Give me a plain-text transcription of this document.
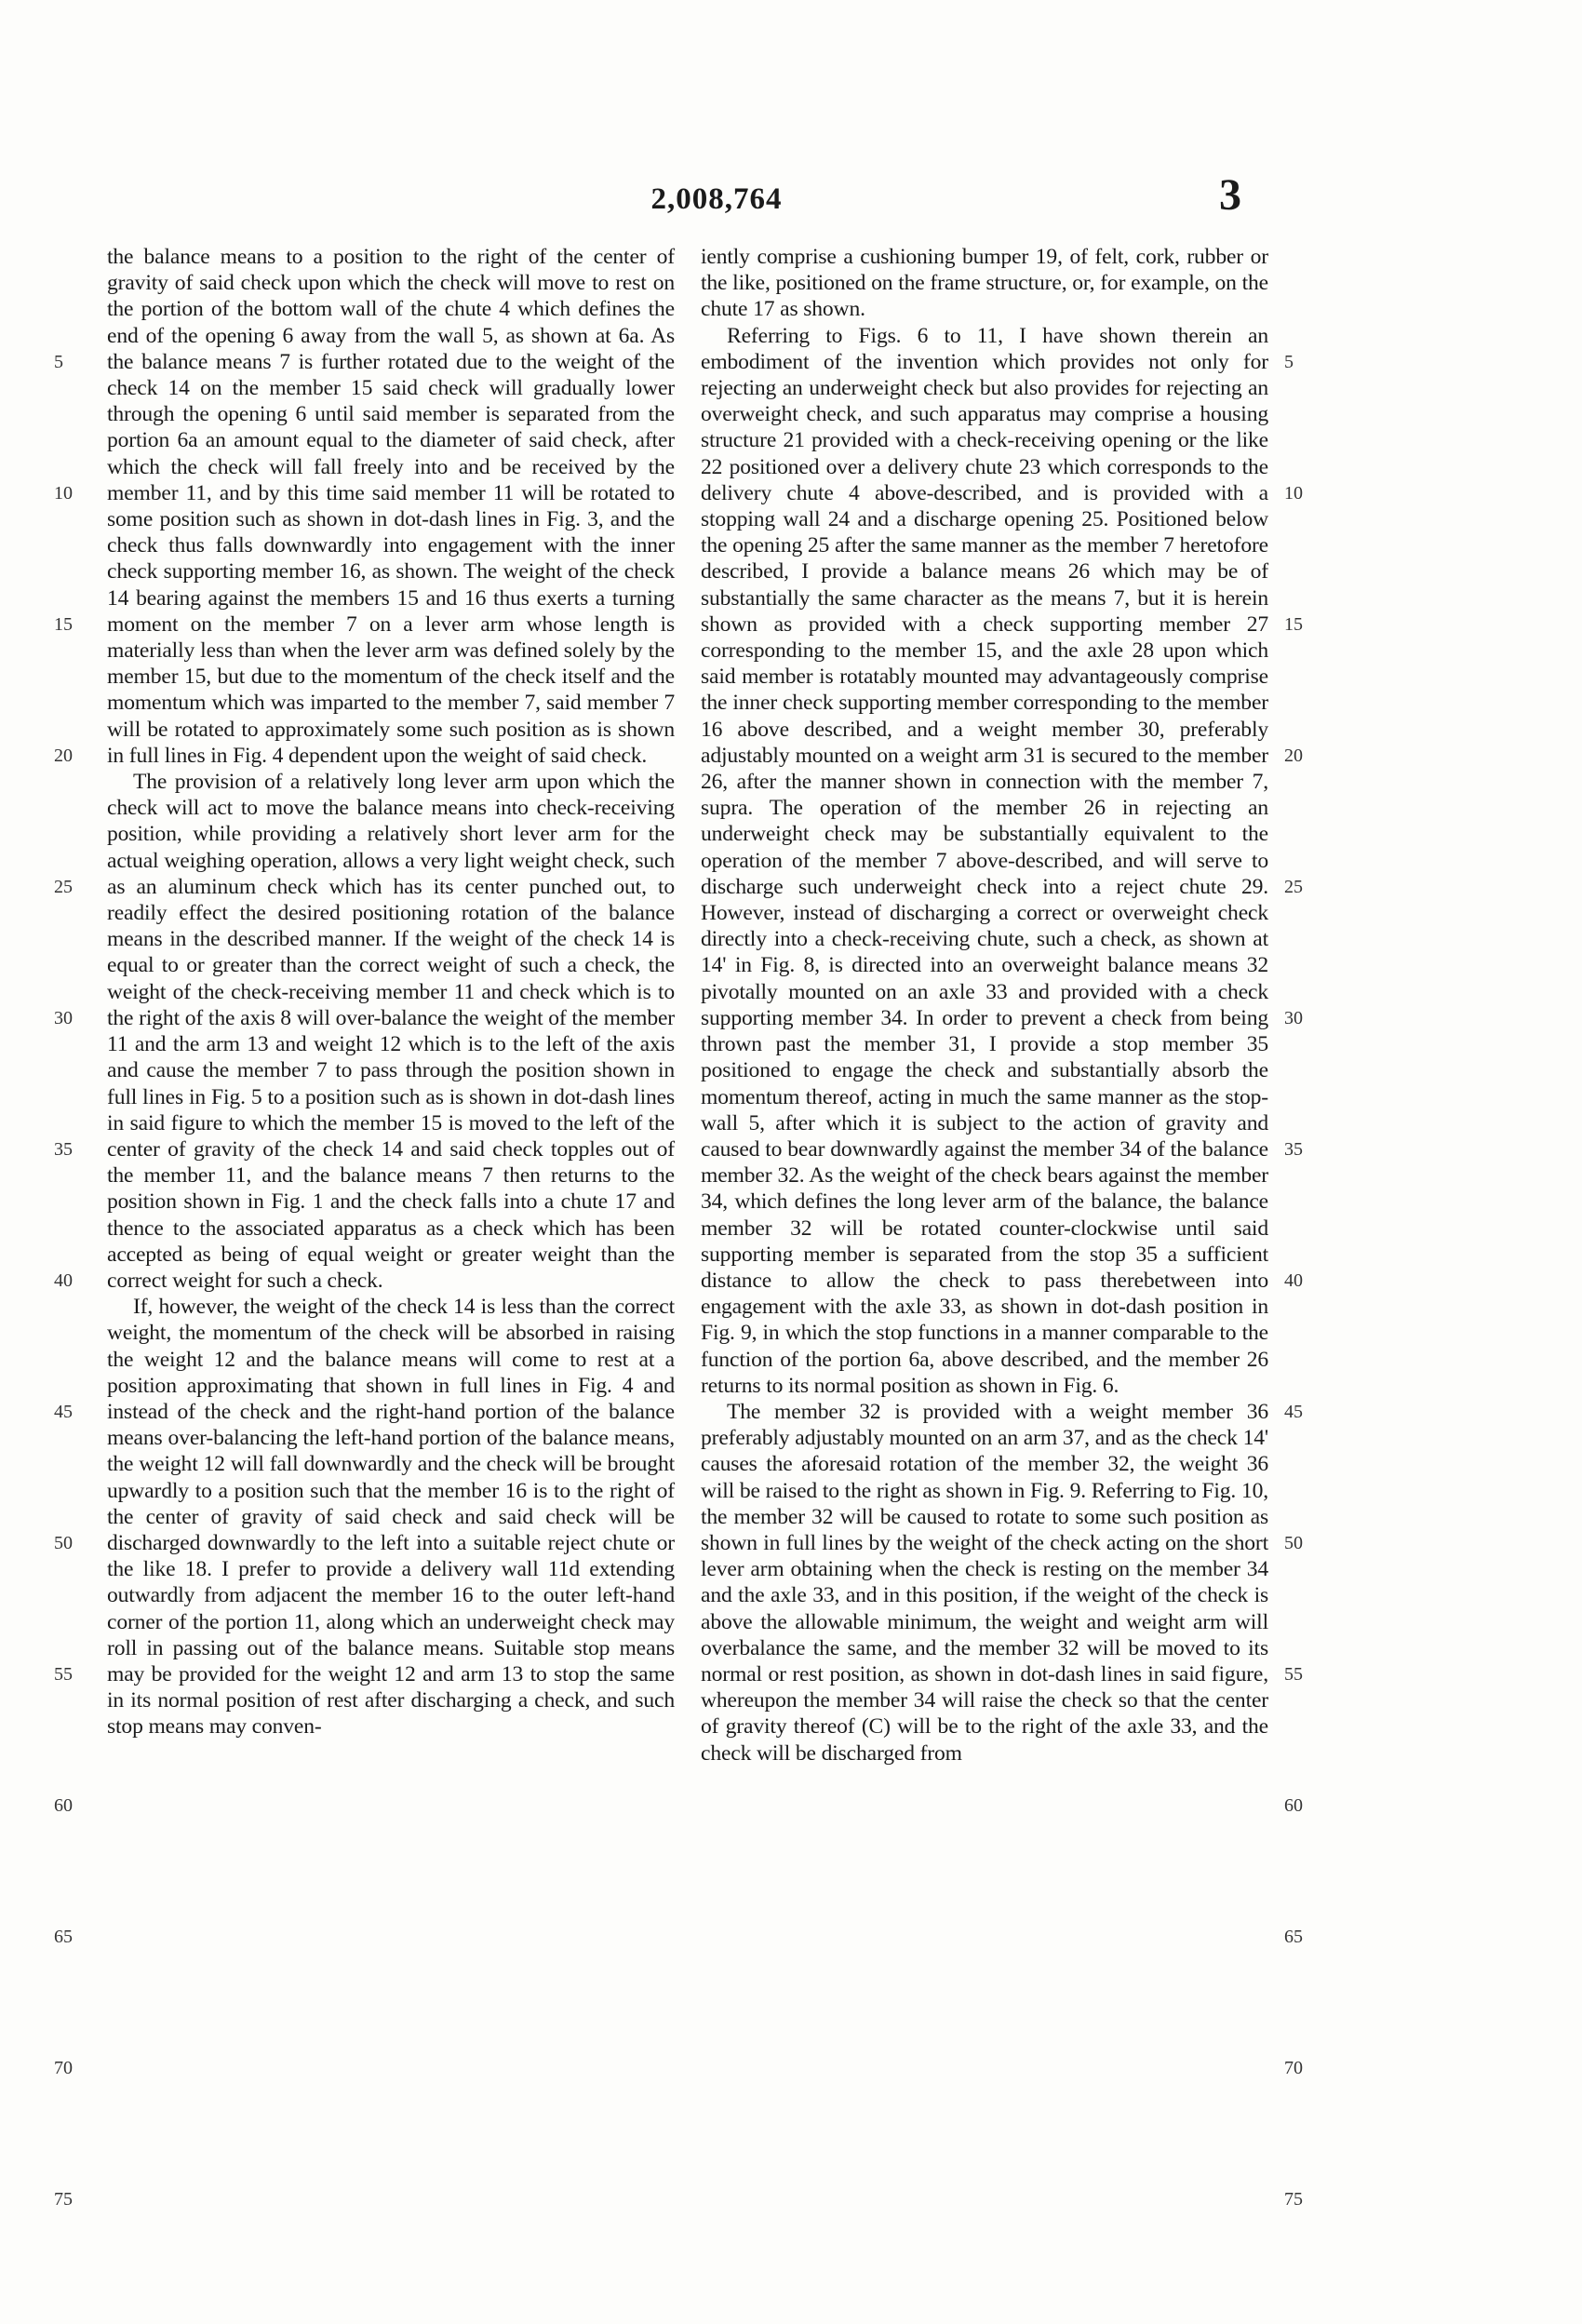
2,008,764	3
5
10
15
20
25
30
35
40
45
50
55
60
65
70
75

the balance means to a position to the right of the center of gravity of said check upon which the check will move to rest on the portion of the bottom wall of the chute 4 which defines the end of the opening 6 away from the wall 5, as shown at 6a. As the balance means 7 is further rotated due to the weight of the check 14 on the member 15 said check will gradually lower through the opening 6 until said member is separated from the portion 6a an amount equal to the diameter of said check, after which the check will fall freely into and be received by the member 11, and by this time said member 11 will be rotated to some position such as shown in dot-dash lines in Fig. 3, and the check thus falls downwardly into engagement with the inner check supporting member 16, as shown. The weight of the check 14 bearing against the members 15 and 16 thus exerts a turning moment on the member 7 on a lever arm whose length is materially less than when the lever arm was defined solely by the member 15, but due to the momentum of the check itself and the momentum which was imparted to the member 7, said member 7 will be rotated to approximately some such position as is shown in full lines in Fig. 4 dependent upon the weight of said check.

The provision of a relatively long lever arm upon which the check will act to move the balance means into check-receiving position, while providing a relatively short lever arm for the actual weighing operation, allows a very light weight check, such as an aluminum check which has its center punched out, to readily effect the desired positioning rotation of the balance means in the described manner. If the weight of the check 14 is equal to or greater than the correct weight of such a check, the weight of the check-receiving member 11 and check which is to the right of the axis 8 will over-balance the weight of the member 11 and the arm 13 and weight 12 which is to the left of the axis and cause the member 7 to pass through the position shown in full lines in Fig. 5 to a position such as is shown in dot-dash lines in said figure to which the member 15 is moved to the left of the center of gravity of the check 14 and said check topples out of the member 11, and the balance means 7 then returns to the position shown in Fig. 1 and the check falls into a chute 17 and thence to the associated apparatus as a check which has been accepted as being of equal weight or greater weight than the correct weight for such a check.

If, however, the weight of the check 14 is less than the correct weight, the momentum of the check will be absorbed in raising the weight 12 and the balance means will come to rest at a position approximating that shown in full lines in Fig. 4 and instead of the check and the right-hand portion of the balance means over-balancing the left-hand portion of the balance means, the weight 12 will fall downwardly and the check will be brought upwardly to a position such that the member 16 is to the right of the center of gravity of said check and said check will be discharged downwardly to the left into a suitable reject chute or the like 18. I prefer to provide a delivery wall 11d extending outwardly from adjacent the member 16 to the outer left-hand corner of the portion 11, along which an underweight check may roll in passing out of the balance means. Suitable stop means may be provided for the weight 12 and arm 13 to stop the same in its normal position of rest after discharging a check, and such stop means may conven-

iently comprise a cushioning bumper 19, of felt, cork, rubber or the like, positioned on the frame structure, or, for example, on the chute 17 as shown.

Referring to Figs. 6 to 11, I have shown therein an embodiment of the invention which provides not only for rejecting an underweight check but also provides for rejecting an overweight check, and such apparatus may comprise a housing structure 21 provided with a check-receiving opening or the like 22 positioned over a delivery chute 23 which corresponds to the delivery chute 4 above-described, and is provided with a stopping wall 24 and a discharge opening 25. Positioned below the opening 25 after the same manner as the member 7 heretofore described, I provide a balance means 26 which may be of substantially the same character as the means 7, but it is herein shown as provided with a check supporting member 27 corresponding to the member 15, and the axle 28 upon which said member is rotatably mounted may advantageously comprise the inner check supporting member corresponding to the member 16 above described, and a weight member 30, preferably adjustably mounted on a weight arm 31 is secured to the member 26, after the manner shown in connection with the member 7, supra. The operation of the member 26 in rejecting an underweight check may be substantially equivalent to the operation of the member 7 above-described, and will serve to discharge such underweight check into a reject chute 29. However, instead of discharging a correct or overweight check directly into a check-receiving chute, such a check, as shown at 14' in Fig. 8, is directed into an overweight balance means 32 pivotally mounted on an axle 33 and provided with a check supporting member 34. In order to prevent a check from being thrown past the member 31, I provide a stop member 35 positioned to engage the check and substantially absorb the momentum thereof, acting in much the same manner as the stop-wall 5, after which it is subject to the action of gravity and caused to bear downwardly against the member 34 of the balance member 32. As the weight of the check bears against the member 34, which defines the long lever arm of the balance, the balance member 32 will be rotated counter-clockwise until said supporting member is separated from the stop 35 a sufficient distance to allow the check to pass therebetween into engagement with the axle 33, as shown in dot-dash position in Fig. 9, in which the stop functions in a manner comparable to the function of the portion 6a, above described, and the member 26 returns to its normal position as shown in Fig. 6.

The member 32 is provided with a weight member 36 preferably adjustably mounted on an arm 37, and as the check 14' causes the aforesaid rotation of the member 32, the weight 36 will be raised to the right as shown in Fig. 9. Referring to Fig. 10, the member 32 will be caused to rotate to some such position as shown in full lines by the weight of the check acting on the short lever arm obtaining when the check is resting on the member 34 and the axle 33, and in this position, if the weight of the check is above the allowable minimum, the weight and weight arm will overbalance the same, and the member 32 will be moved to its normal or rest position, as shown in dot-dash lines in said figure, whereupon the member 34 will raise the check so that the center of gravity thereof (C) will be to the right of the axle 33, and the check will be discharged from

5
10
15
20
25
30
35
40
45
50
55
60
65
70
75
